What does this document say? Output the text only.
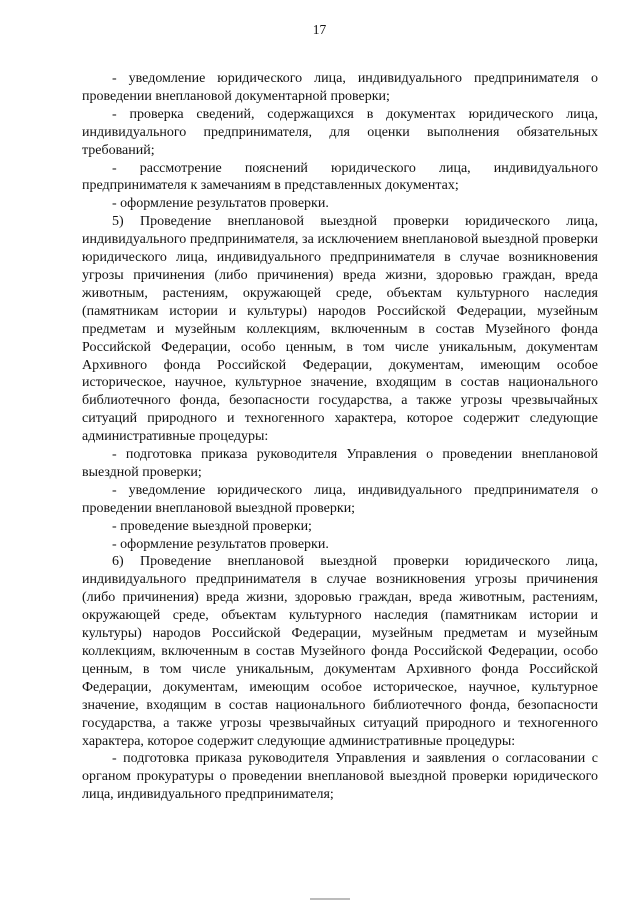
17

- уведомление юридического лица, индивидуального предпринимателя о проведении внеплановой документарной проверки;

- проверка сведений, содержащихся в документах юридического лица, индивидуального предпринимателя, для оценки выполнения обязательных требований;

- рассмотрение пояснений юридического лица, индивидуального предпринимателя к замечаниям в представленных документах;

- оформление результатов проверки.

5) Проведение внеплановой выездной проверки юридического лица, индивидуального предпринимателя, за исключением внеплановой выездной проверки юридического лица, индивидуального предпринимателя в случае возникновения угрозы причинения (либо причинения) вреда жизни, здоровью граждан, вреда животным, растениям, окружающей среде, объектам культурного наследия (памятникам истории и культуры) народов Российской Федерации, музейным предметам и музейным коллекциям, включенным в состав Музейного фонда Российской Федерации, особо ценным, в том числе уникальным, документам Архивного фонда Российской Федерации, документам, имеющим особое историческое, научное, культурное значение, входящим в состав национального библиотечного фонда, безопасности государства, а также угрозы чрезвычайных ситуаций природного и техногенного характера, которое содержит следующие административные процедуры:

- подготовка приказа руководителя Управления о проведении внеплановой выездной проверки;

- уведомление юридического лица, индивидуального предпринимателя о проведении внеплановой выездной проверки;

- проведение выездной проверки;

- оформление результатов проверки.

6) Проведение внеплановой выездной проверки юридического лица, индивидуального предпринимателя в случае возникновения угрозы причинения (либо причинения) вреда жизни, здоровью граждан, вреда животным, растениям, окружающей среде, объектам культурного наследия (памятникам истории и культуры) народов Российской Федерации, музейным предметам и музейным коллекциям, включенным в состав Музейного фонда Российской Федерации, особо ценным, в том числе уникальным, документам Архивного фонда Российской Федерации, документам, имеющим особое историческое, научное, культурное значение, входящим в состав национального библиотечного фонда, безопасности государства, а также угрозы чрезвычайных ситуаций природного и техногенного характера, которое содержит следующие административные процедуры:

- подготовка приказа руководителя Управления и заявления о согласовании с органом прокуратуры о проведении внеплановой выездной проверки юридического лица, индивидуального предпринимателя;
